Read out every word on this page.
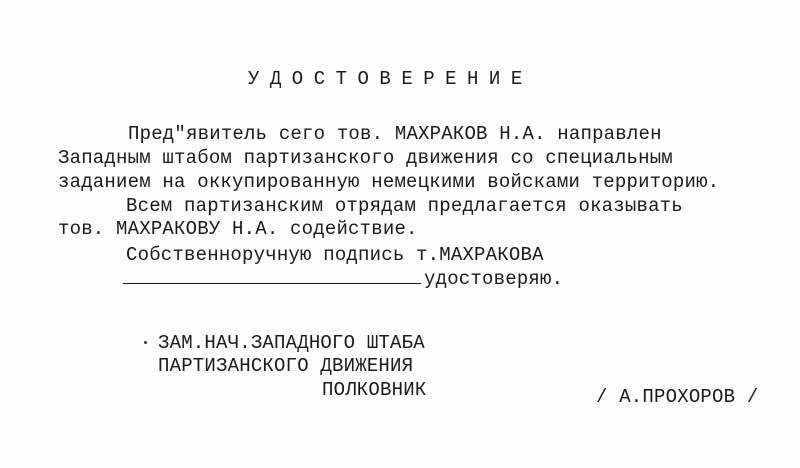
УДОСТОВЕРЕНИЕ
Пред"явитель сего тов. МАХРАКОВ Н.А. направлен
Западным штабом партизанского движения со специальным
заданием на оккупированную немецкими войсками территорию.
Всем партизанским отрядам предлагается оказывать
тов. МАХРАКОВУ Н.А. содействие.
Собственноручную подпись т.МАХРАКОВА
удостоверяю.
ЗАМ.НАЧ.ЗАПАДНОГО ШТАБА
ПАРТИЗАНСКОГО ДВИЖЕНИЯ
ПОЛКОВНИК	/ А.ПРОХОРОВ /
